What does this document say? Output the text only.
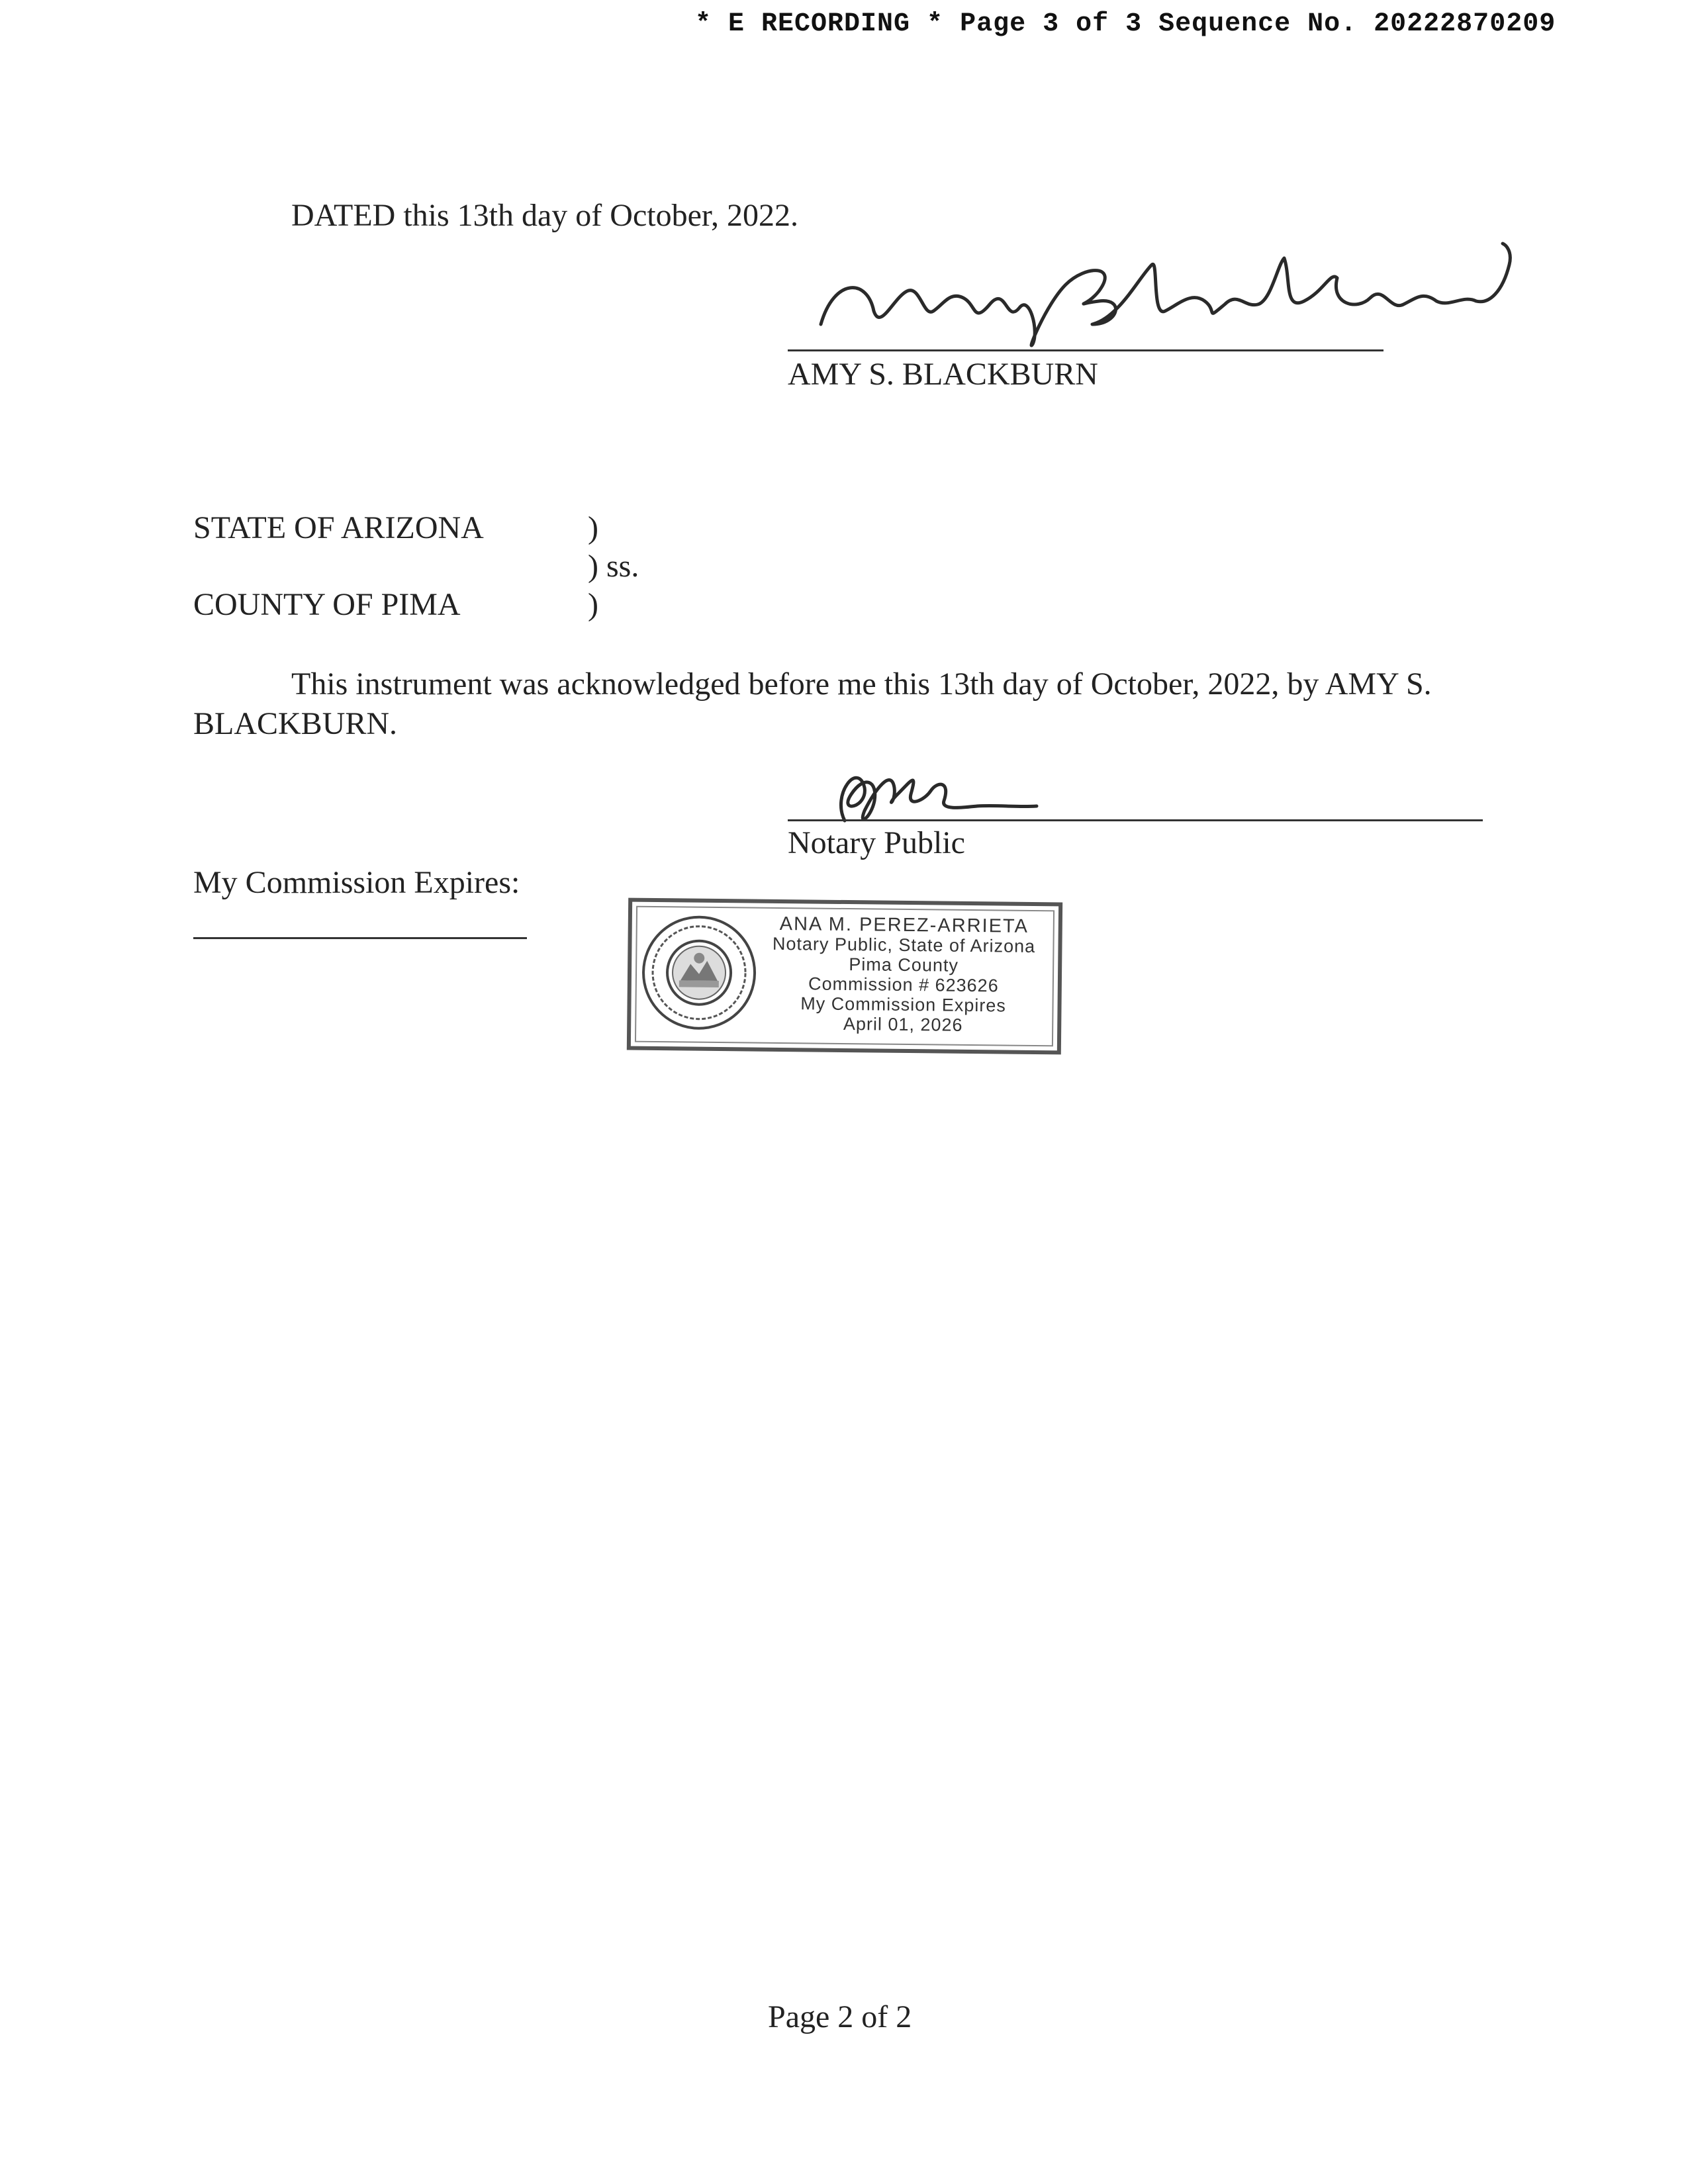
* E RECORDING * Page 3 of 3 Sequence No. 20222870209
DATED this 13th day of October, 2022.
AMY S. BLACKBURN
STATE OF ARIZONA	)
) ss.
COUNTY OF PIMA	)
This instrument was acknowledged before me this 13th day of October, 2022, by AMY S.
BLACKBURN.
Notary Public
My Commission Expires:
ANA M. PEREZ-ARRIETA
Notary Public, State of Arizona
Pima County
Commission # 623626
My Commission Expires
April 01, 2026
Page 2 of 2
